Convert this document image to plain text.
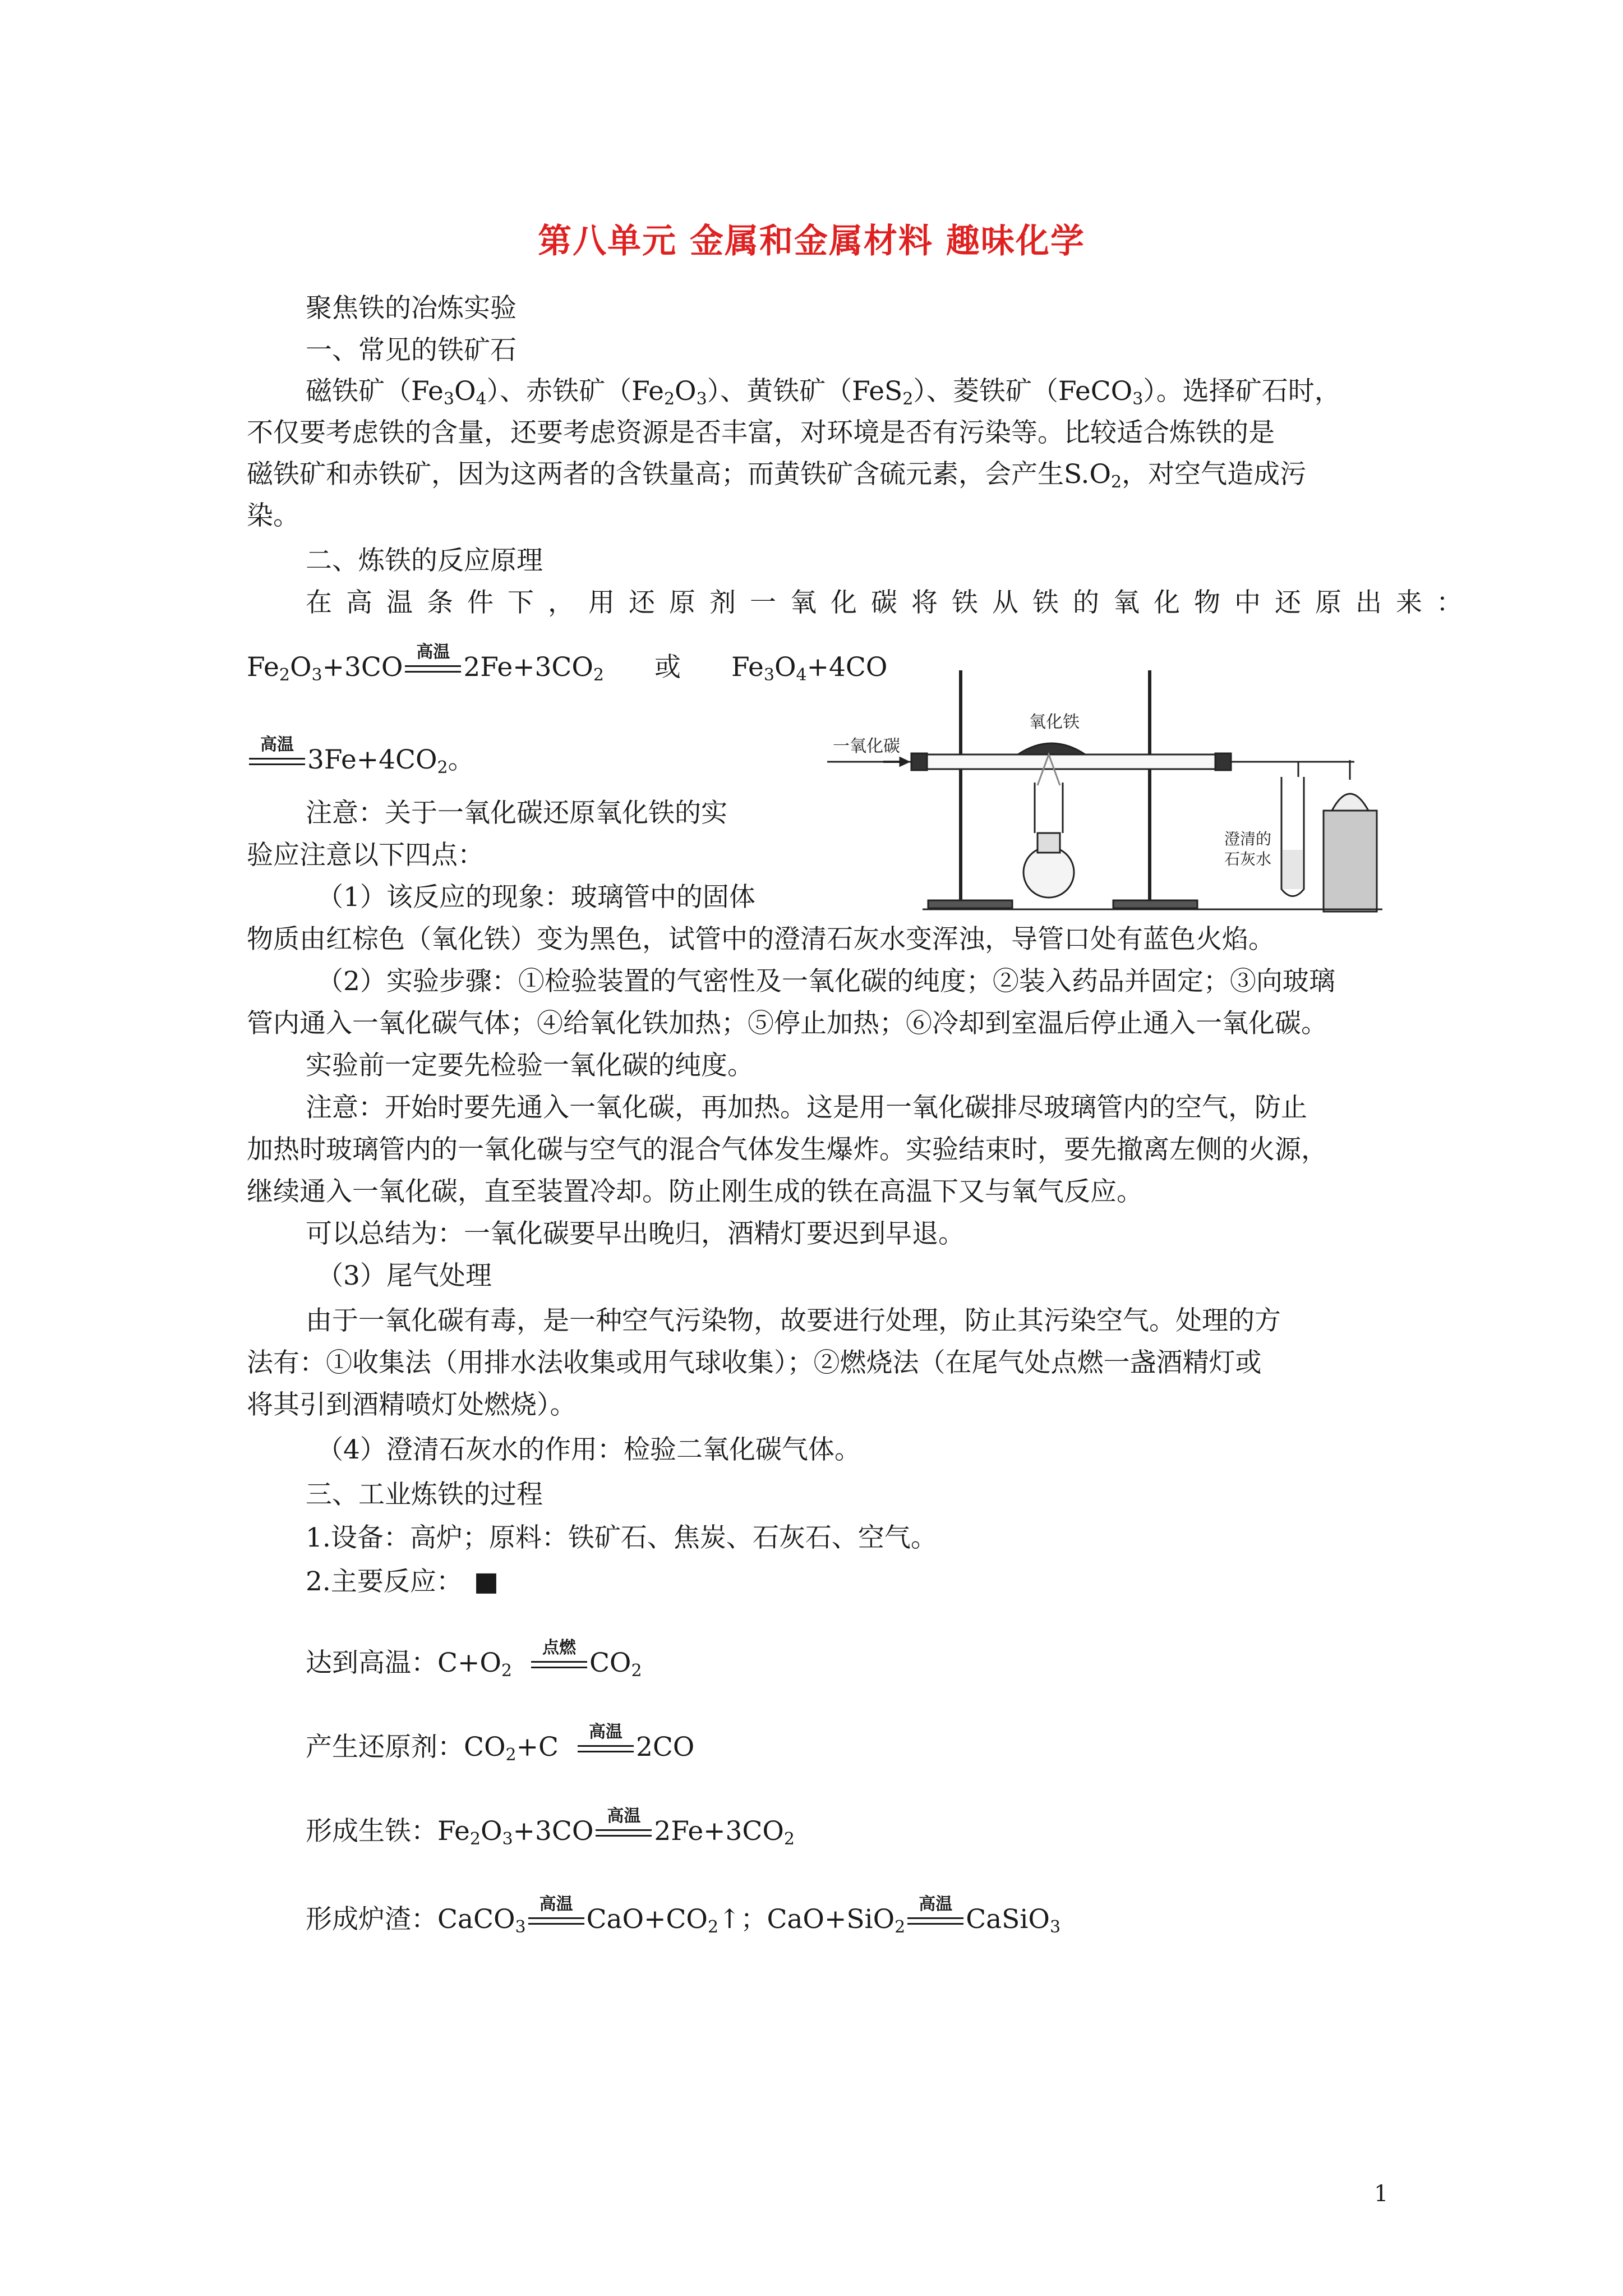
第八单元 金属和金属材料 趣味化学
聚焦铁的冶炼实验
一、常见的铁矿石
磁铁矿$(Fe_3O_4)$、赤铁矿$(Fe_2O_3)$、黄铁矿（FeS$_2$）、菱铁矿（FeCO$_3$）。选择矿石时，
不仅要考虑铁的含量，还要考虑资源是否丰富，对环境是否有污染等。比较适合炼铁的是
磁铁矿和赤铁矿，因为这两者的含铁量高；而黄铁矿含硫元素，会产生$S.O_2$，对空气造成污
染。
二、炼铁的反应原理
在高温条件下，用还原剂一氧化碳将铁从铁的氧化物中还原出来：
$Fe_2O_3+3CO$ 高温 $2Fe+3CO_2$ 或 $Fe_3O_4+4CO$
高温 $3Fe+4CO_2$。
注意：关于一氧化碳还原氧化铁的实
验应注意以下四点：
（1）该反应的现象：玻璃管中的固体
物质由红棕色（氧化铁）变为黑色，试管中的澄清石灰水变浑浊，导管口处有蓝色火焰。
（2）实验步骤：①检验装置的气密性及一氧化碳的纯度；②装入药品并固定；③向玻璃
管内通入一氧化碳气体；④给氧化铁加热；⑤停止加热；⑥冷却到室温后停止通入一氧化碳。
实验前一定要先检验一氧化碳的纯度。
注意：开始时要先通入一氧化碳，再加热。这是用一氧化碳排尽玻璃管内的空气，防止
加热时玻璃管内的一氧化碳与空气的混合气体发生爆炸。实验结束时，要先撤离左侧的火源，
继续通入一氧化碳，直至装置冷却。防止刚生成的铁在高温下又与氧气反应。
可以总结为：一氧化碳要早出晚归，酒精灯要迟到早退。
（3）尾气处理
由于一氧化碳有毒，是一种空气污染物，故要进行处理，防止其污染空气。处理的方
法有：①收集法（用排水法收集或用气球收集）；②燃烧法（在尾气处点燃一盏酒精灯或
将其引到酒精喷灯处燃烧）。
（4）澄清石灰水的作用：检验二氧化碳气体。
三、工业炼铁的过程
1.设备：高炉；原料：铁矿石、焦炭、石灰石、空气。
2.主要反应： ■
达到高温：$C+O_2$
点燃 $CO_2$
产生还原剂：$CO_2+C$	高温 2CO
形成生铁：$Fe_2O_3+3CO$ 高温 $2Fe+3CO_2$
形成炉渣：CaCO$_3$
高温 $CaO+CO_2↑$；CaO+SiO$_2$
高温 CaSiO$_3$
一氧化碳
氧化铁
澄清的
石灰水
1
